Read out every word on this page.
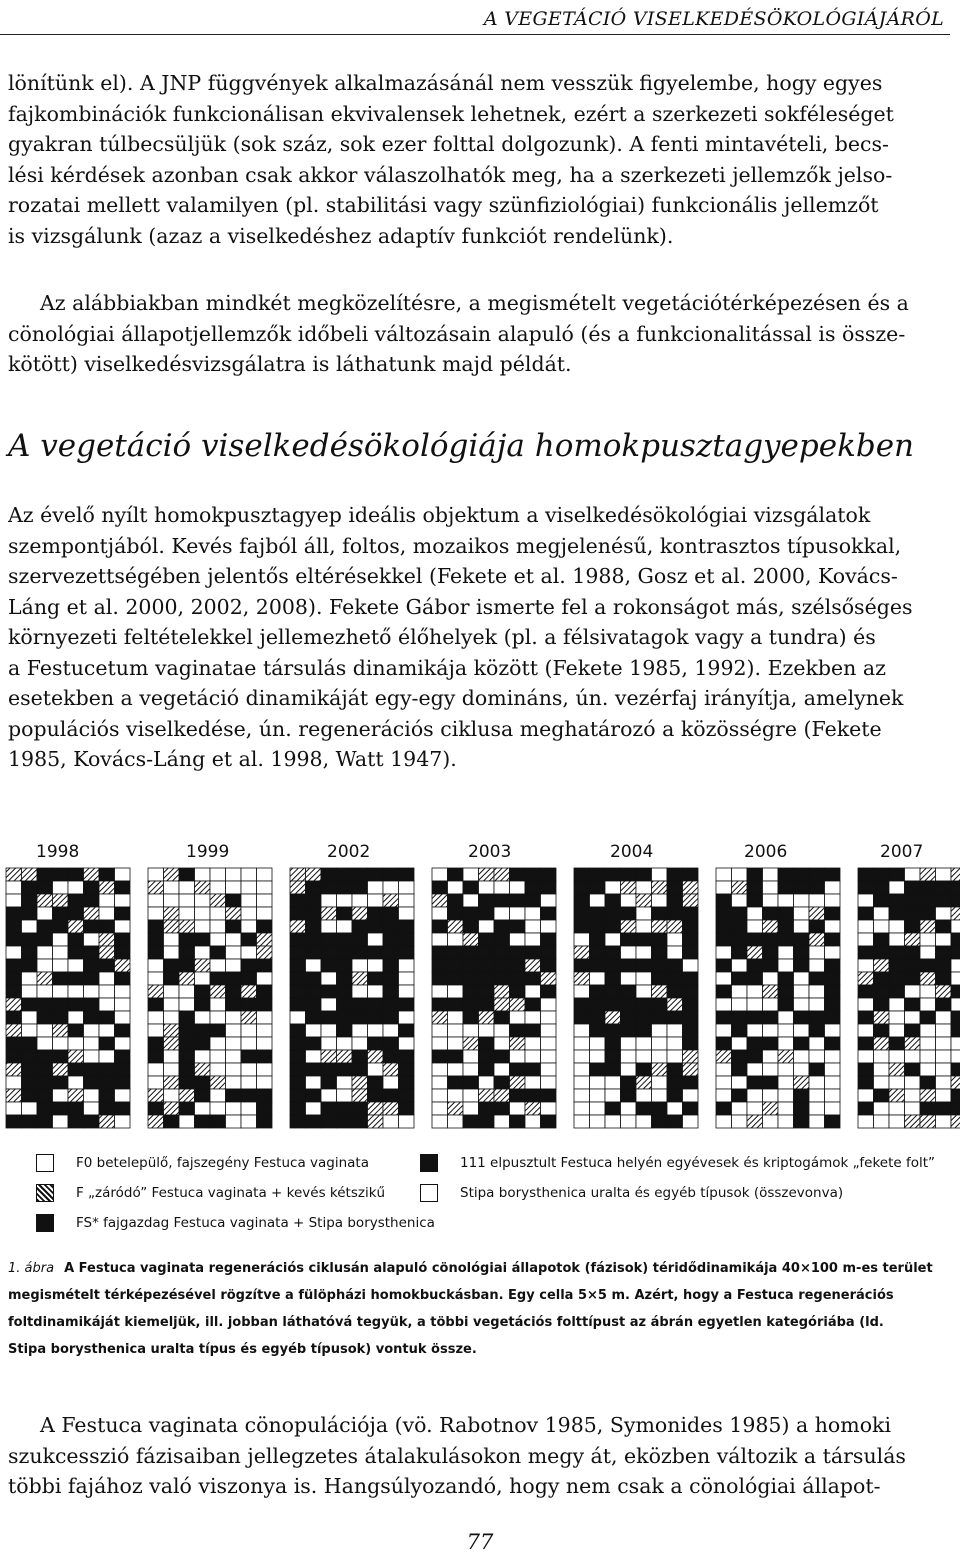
A VEGETÁCIÓ VISELKEDÉSÖKOLÓGIÁJÁRÓL
lönítünk el). A JNP függvények alkalmazásánál nem vesszük figyelembe, hogy egyes
fajkombinációk funkcionálisan ekvivalensek lehetnek, ezért a szerkezeti sokféleséget
gyakran túlbecsüljük (sok száz, sok ezer folttal dolgozunk). A fenti mintavételi, becs-
lési kérdések azonban csak akkor válaszolhatók meg, ha a szerkezeti jellemzők jelso-
rozatai mellett valamilyen (pl. stabilitási vagy szünfiziológiai) funkcionális jellemzőt
is vizsgálunk (azaz a viselkedéshez adaptív funkciót rendelünk).
Az alábbiakban mindkét megközelítésre, a megismételt vegetációtérképezésen és a
cönológiai állapotjellemzők időbeli változásain alapuló (és a funkcionalitással is össze-
kötött) viselkedésvizsgálatra is láthatunk majd példát.
A vegetáció viselkedésökológiája homokpusztagyepekben
Az évelő nyílt homokpusztagyep ideális objektum a viselkedésökológiai vizsgálatok
szempontjából. Kevés fajból áll, foltos, mozaikos megjelenésű, kontrasztos típusokkal,
szervezettségében jelentős eltérésekkel (Fekete et al. 1988, Gosz et al. 2000, Kovács-
Láng et al. 2000, 2002, 2008). Fekete Gábor ismerte fel a rokonságot más, szélsőséges
környezeti feltételekkel jellemezhető élőhelyek (pl. a félsivatagok vagy a tundra) és
a Festucetum vaginatae társulás dinamikája között (Fekete 1985, 1992). Ezekben az
esetekben a vegetáció dinamikáját egy-egy domináns, ún. vezérfaj irányítja, amelynek
populációs viselkedése, ún. regenerációs ciklusa meghatározó a közösségre (Fekete
1985, Kovács-Láng et al. 1998, Watt 1947).
1998	1999	2002	2003	2004	2006	2007
F0 betelepülő, fajszegény Festuca vaginata
F „záródó” Festuca vaginata + kevés kétszikű
FS* fajgazdag Festuca vaginata + Stipa borysthenica
111 elpusztult Festuca helyén egyévesek és kriptogámok „fekete folt”
Stipa borysthenica uralta és egyéb típusok (összevonva)
1. ábra A Festuca vaginata regenerációs ciklusán alapuló cönológiai állapotok (fázisok) téridődinamikája 40×100 m-es terület
megismételt térképezésével rögzítve a fülöpházi homokbuckásban. Egy cella 5×5 m. Azért, hogy a Festuca regenerációs
foltdinamikáját kiemeljük, ill. jobban láthatóvá tegyük, a többi vegetációs folttípust az ábrán egyetlen kategóriába (ld.
Stipa borysthenica uralta típus és egyéb típusok) vontuk össze.
A Festuca vaginata cönopulációja (vö. Rabotnov 1985, Symonides 1985) a homoki
szukcesszió fázisaiban jellegzetes átalakulásokon megy át, eközben változik a társulás
többi fajához való viszonya is. Hangsúlyozandó, hogy nem csak a cönológiai állapot-
77
